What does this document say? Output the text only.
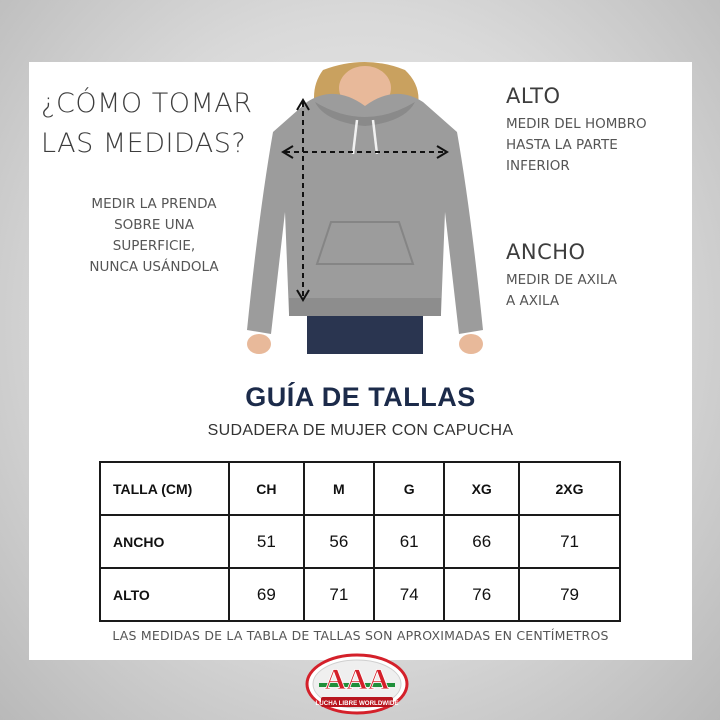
¿CÓMO TOMAR
LAS MEDIDAS?
MEDIR LA PRENDA
SOBRE UNA
SUPERFICIE,
NUNCA USÁNDOLA
ALTO
MEDIR DEL HOMBRO
HASTA LA PARTE
INFERIOR
ANCHO
MEDIR DE AXILA
A AXILA
GUÍA DE TALLAS
SUDADERA DE MUJER CON CAPUCHA
TALLA (CM)	CH	M	G	XG	2XG
ANCHO	51	56	61	66	71
ALTO	69	71	74	76	79
LAS MEDIDAS DE LA TABLA DE TALLAS SON APROXIMADAS EN CENTÍMETROS
AAA
LUCHA LIBRE WORLDWIDE
